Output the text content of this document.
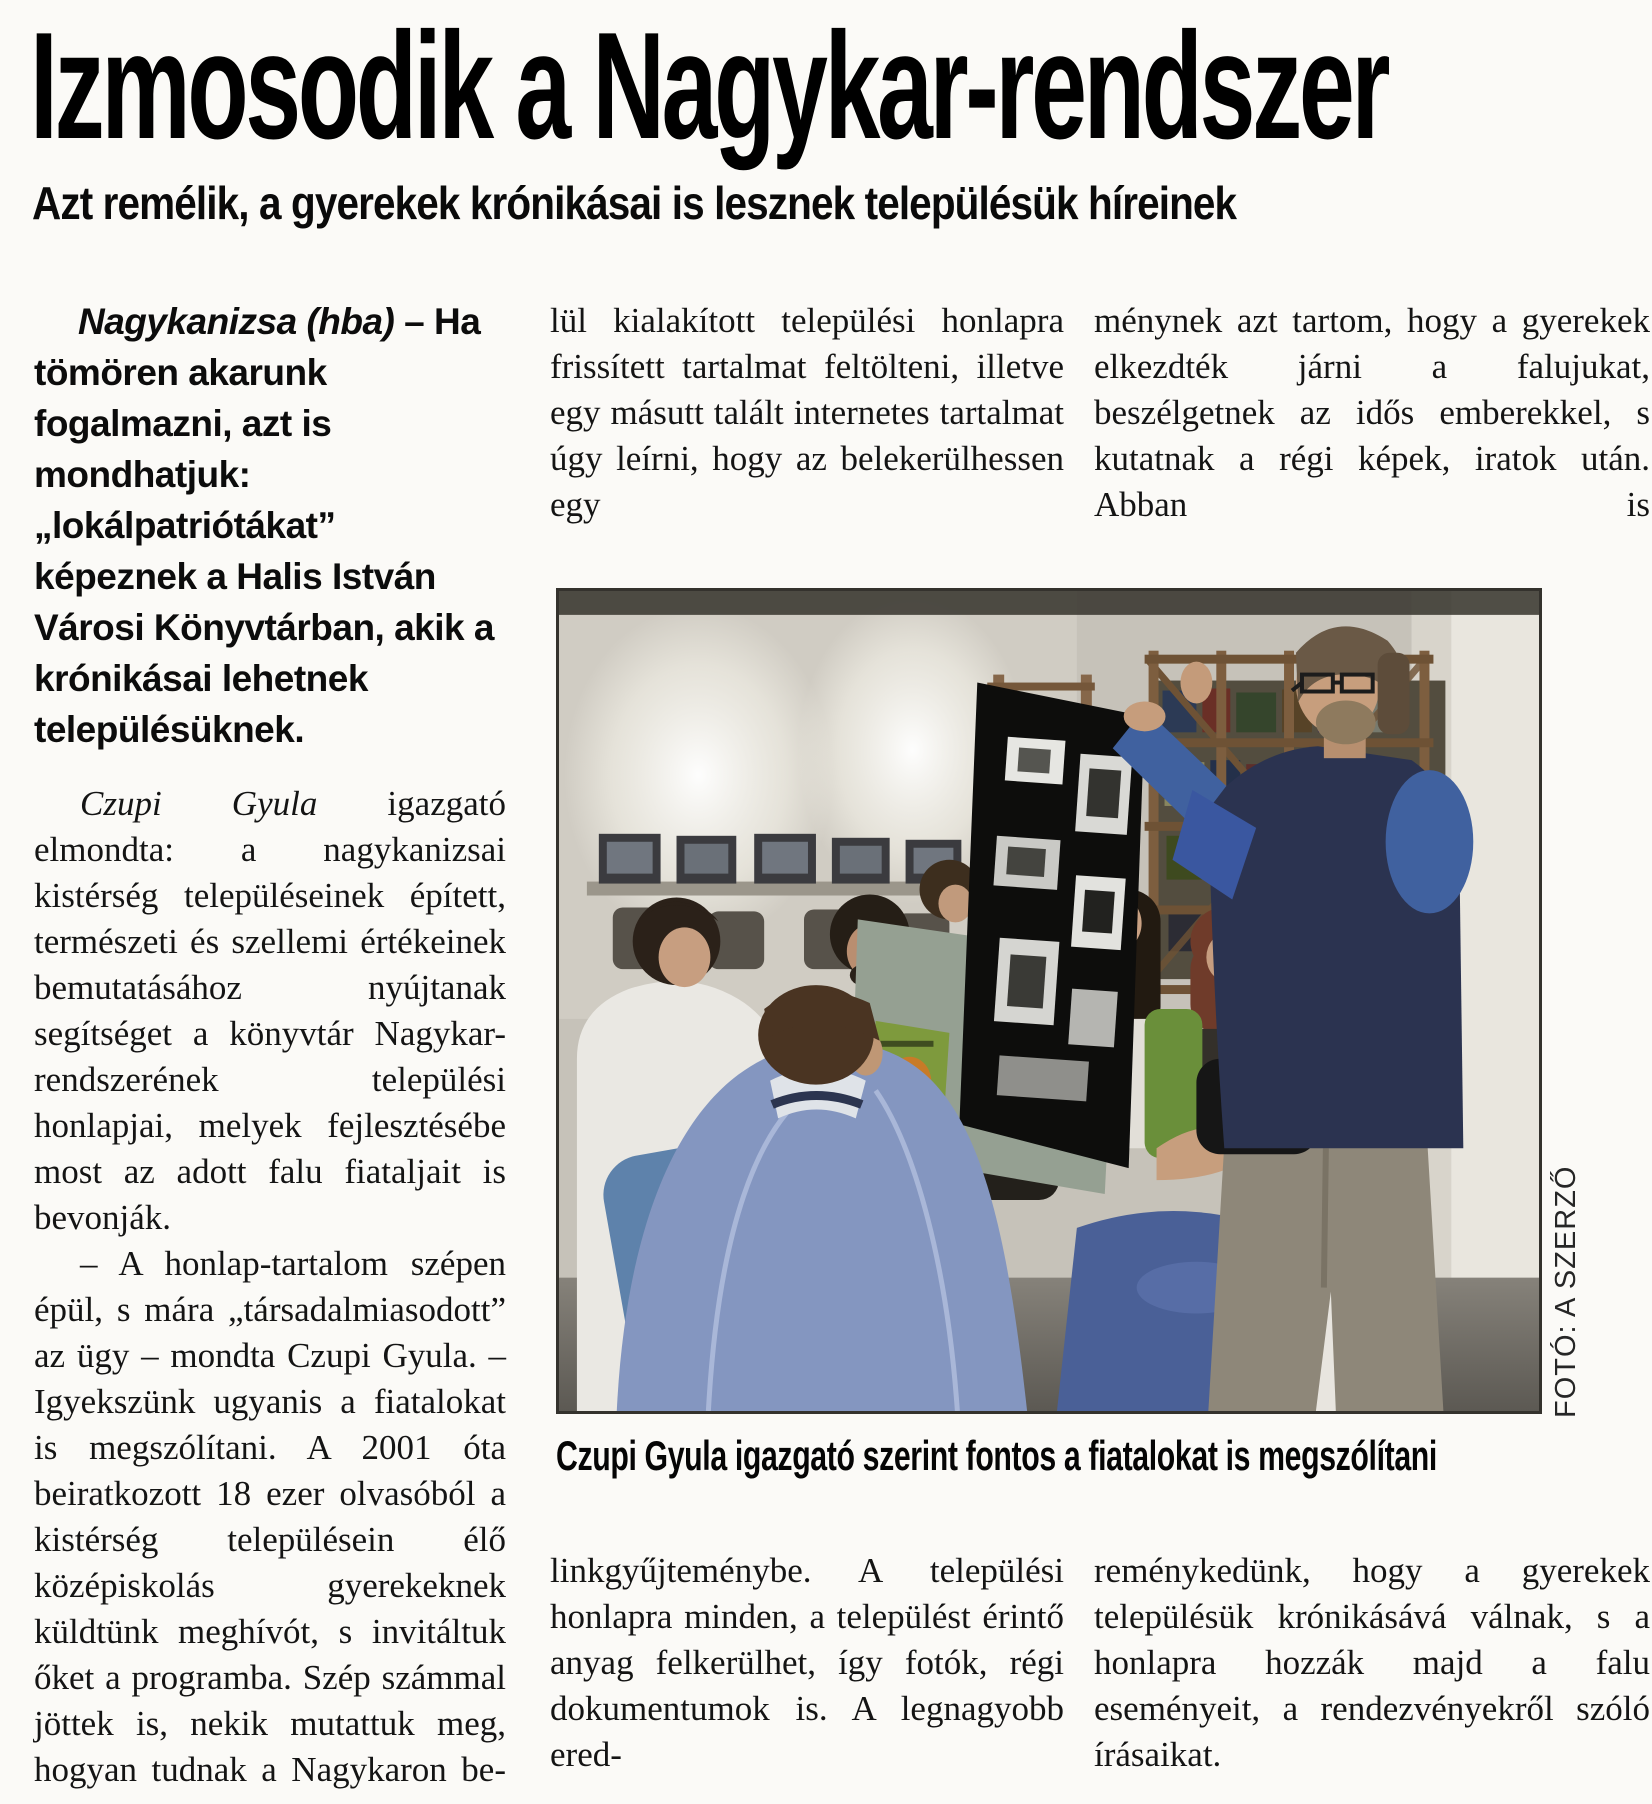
Izmosodik a Nagykar-rendszer
Azt remélik, a gyerekek krónikásai is lesznek településük híreinek

Nagykanizsa (hba) – Ha tömören akarunk fogalmazni, azt is mondhatjuk: „lokálpatriótákat” képeznek a Halis István Városi Könyvtárban, akik a krónikásai lehetnek településüknek.

Czupi Gyula igazgató elmondta: a nagykanizsai kistérség településeinek épített, természeti és szellemi értékeinek bemutatásához nyújtanak segítséget a könyvtár Nagykar-rendszerének települési honlapjai, melyek fejlesztésébe most az adott falu fiataljait is bevonják.

– A honlap-tartalom szépen épül, s mára „társadalmiasodott” az ügy – mondta Czupi Gyula. – Igyekszünk ugyanis a fiatalokat is megszólítani. A 2001 óta beiratkozott 18 ezer olvasóból a kistérség településein élő középiskolás gyerekeknek küldtünk meghívót, s invitáltuk őket a programba. Szép számmal jöttek is, nekik mutattuk meg, hogyan tudnak a Nagykaron be-

lül kialakított települési honlapra frissített tartalmat feltölteni, illetve egy másutt talált internetes tartalmat úgy leírni, hogy az belekerülhessen egy

ménynek azt tartom, hogy a gyerekek elkezdték járni a falujukat, beszélgetnek az idős emberekkel, s kutatnak a régi képek, iratok után. Abban is

FOTÓ: A SZERZŐ
Czupi Gyula igazgató szerint fontos a fiatalokat is megszólítani

linkgyűjteménybe. A települési honlapra minden, a települést érintő anyag felkerülhet, így fotók, régi dokumentumok is. A legnagyobb ered-

reménykedünk, hogy a gyerekek településük krónikásává válnak, s a honlapra hozzák majd a falu eseményeit, a rendezvényekről szóló írásaikat.
